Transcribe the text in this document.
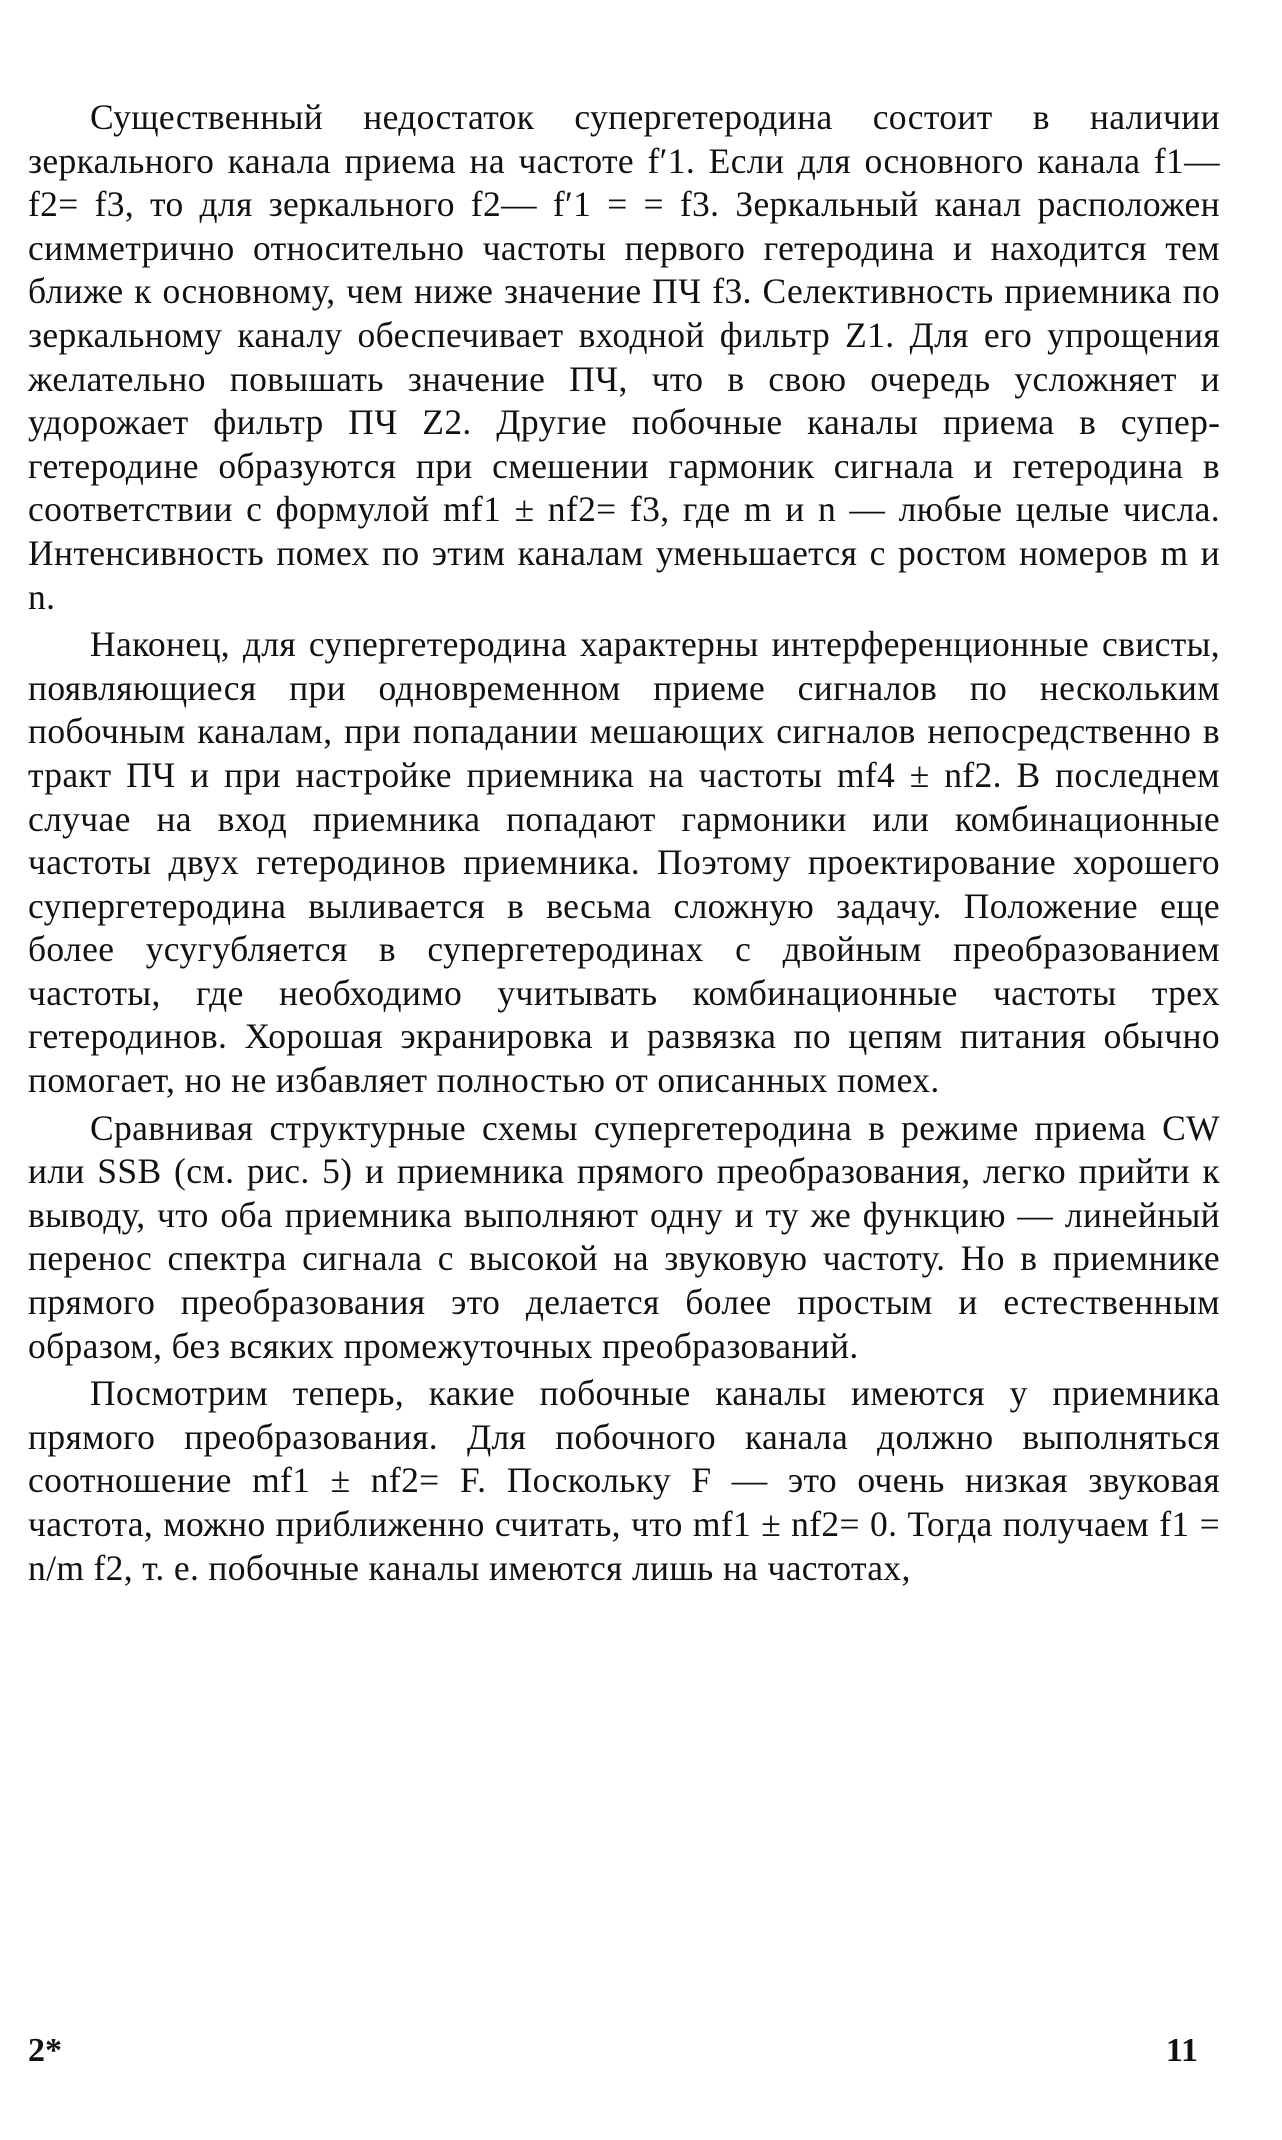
Существенный недостаток супергетеродина состоит в наличии зеркального канала приема на частоте f′1. Если для основного канала f1— f2= f3, то для зеркального f2— f′1 = = f3. Зеркальный канал расположен симметрично относительно частоты первого гетеродина и находится тем ближе к основному, чем ниже значение ПЧ f3. Селективность приемника по зеркальному каналу обеспечивает входной фильтр Z1. Для его упрощения желательно повышать значение ПЧ, что в свою очередь усложняет и удорожает фильтр ПЧ Z2. Другие побочные каналы приема в супергетеродине образуются при смешении гармоник сигнала и гетеродина в соответствии с формулой mf1 ± nf2= f3, где m и n — любые целые числа. Интенсивность помех по этим каналам уменьшается с ростом номеров m и n.

Наконец, для супергетеродина характерны интерференционные свисты, появляющиеся при одновременном приеме сигналов по нескольким побочным каналам, при попадании мешающих сигналов непосредственно в тракт ПЧ и при настройке приемника на частоты mf4 ± nf2. В последнем случае на вход приемника попадают гармоники или комбинационные частоты двух гетеродинов приемника. Поэтому проектирование хорошего супергетеродина выливается в весьма сложную задачу. Положение еще более усугубляется в супергетеродинах с двойным преобразованием частоты, где необходимо учитывать комбинационные частоты трех гетеродинов. Хорошая экранировка и развязка по цепям питания обычно помогает, но не избавляет полностью от описанных помех.

Сравнивая структурные схемы супергетеродина в режиме приема CW или SSB (см. рис. 5) и приемника прямого преобразования, легко прийти к выводу, что оба приемника выполняют одну и ту же функцию — линейный перенос спектра сигнала с высокой на звуковую частоту. Но в приемнике прямого преобразования это делается более простым и естественным образом, без всяких промежуточных преобразований.

Посмотрим теперь, какие побочные каналы имеются у приемника прямого преобразования. Для побочного канала должно выполняться соотношение mf1 ± nf2= F. Поскольку F — это очень низкая звуковая частота, можно приближенно считать, что mf1 ± nf2= 0. Тогда получаем f1 = n/m f2, т. е. побочные каналы имеются лишь на частотах,

2*	11
